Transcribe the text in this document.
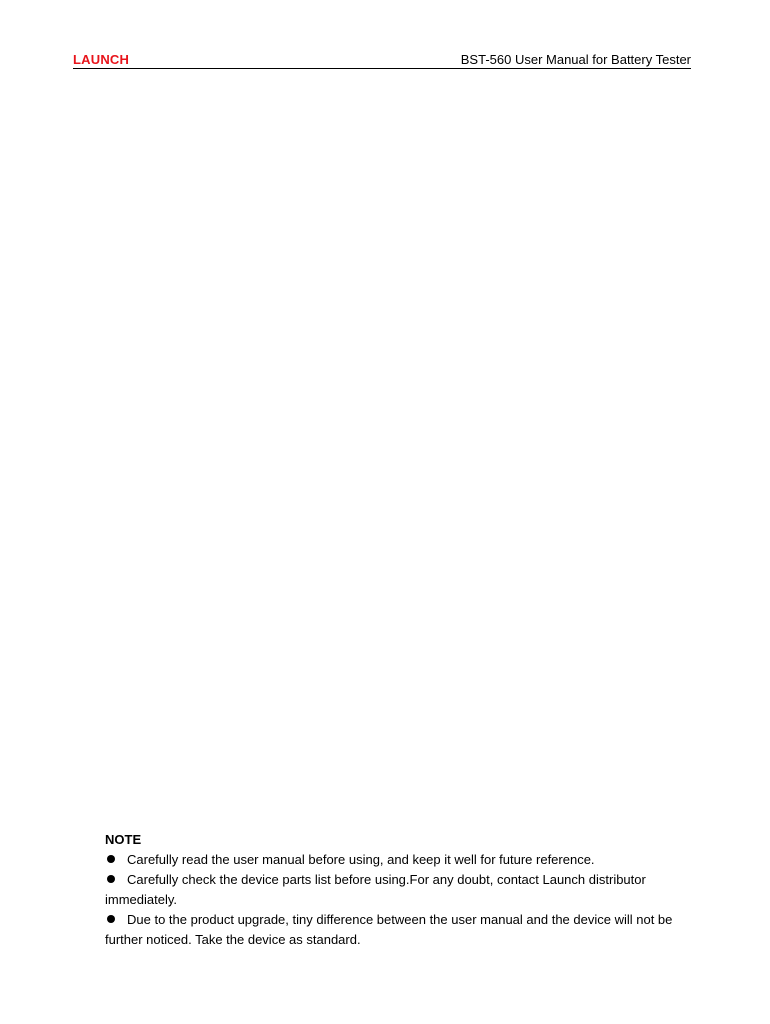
LAUNCH	BST-560 User Manual for Battery Tester

NOTE

Carefully read the user manual before using, and keep it well for future reference.
Carefully check the device parts list before using.For any doubt, contact Launch distributor immediately.
Due to the product upgrade, tiny difference between the user manual and the device will not be further noticed. Take the device as standard.
